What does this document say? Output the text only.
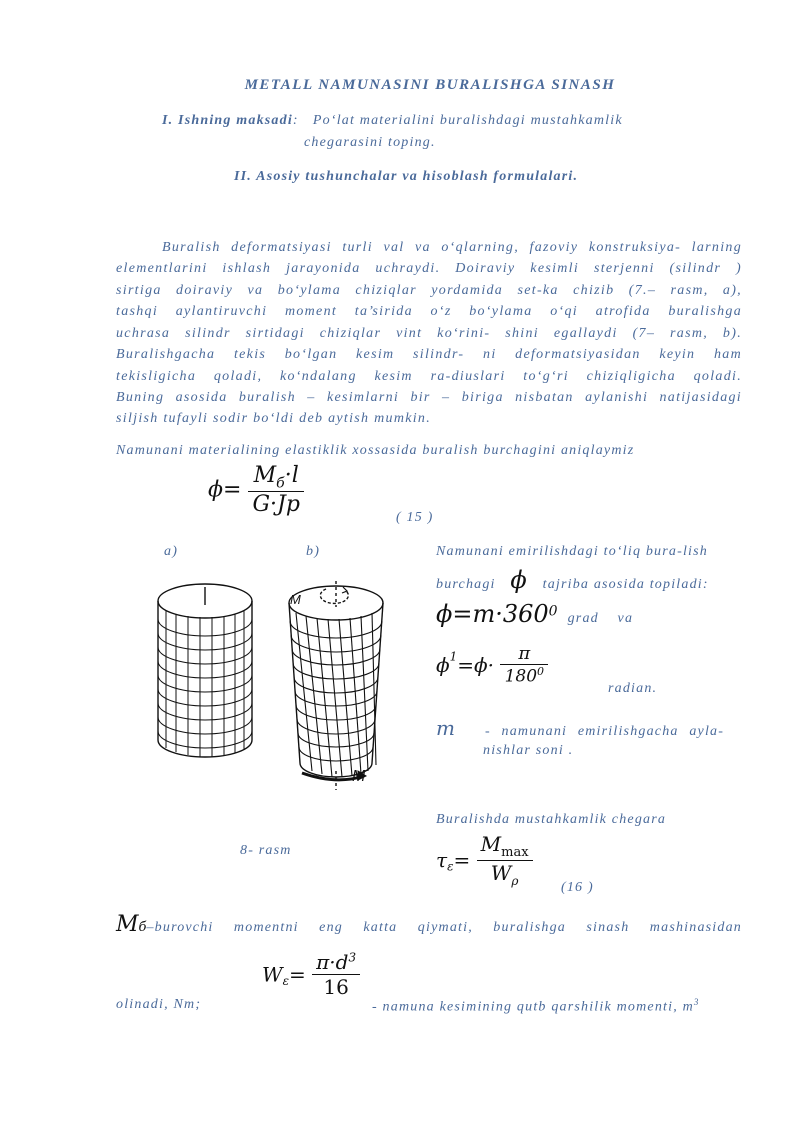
METALL NAMUNASINI BURALISHGA SINASH
I. Ishning maksadi:   Po‘lat materialini buralishdagi mustahkamlik
chegarasini toping.
II. Asosiy tushunchalar va hisoblash formulalari.
Buralish deformatsiyasi turli val va o‘qlarning, fazoviy konstruksiya- larning
elementlarini ishlash jarayonida uchraydi. Doiraviy kesimli sterjenni (silindr )
sirtiga doiraviy va bo‘ylama chiziqlar yordamida set-ka chizib (7.– rasm, a),
tashqi aylantiruvchi moment ta’sirida o‘z bo‘ylama o‘qi atrofida buralishga
uchrasa silindr sirtidagi chiziqlar vint ko‘rini- shini egallaydi (7– rasm, b).
Buralishgacha tekis bo‘lgan kesim silindr- ni deformatsiyasidan keyin ham
tekisligicha qoladi, ko‘ndalang kesim ra-diuslari to‘g‘ri chiziqligicha qoladi.
Buning asosida buralish – kesimlarni bir – biriga nisbatan aylanishi natijasidagi
siljish tufayli sodir bo‘ldi deb aytish mumkin.
Namunani materialining elastiklik xossasida buralish burchagini aniqlaymiz
$\phi= \frac{M_б\cdot l}{G\cdot Jp}$
( 15 )
a)	b)
M
M
8- rasm
Namunani emirilishdagi to‘liq bura-lish
burchagi ϕ tajriba asosida topiladi:
$\phi=m\cdot 360^0$ grad va
$\phi^1=\phi\cdot \frac{\pi}{180^0}$
radian.
m - namunani emirilishgacha ayla-
nishlar soni .
Buralishda mustahkamlik chegara
$\tau_\varepsilon= \frac{M_{max}}{W_\rho} (16$ )
M б –burovchi momentni eng katta qiymati, buralishga sinash mashinasidan
olinadi, Nm;
$W_\varepsilon= \frac{\pi\cdot d^3}{16}$
- namuna kesimining qutb qarshilik momenti, $m^3$
